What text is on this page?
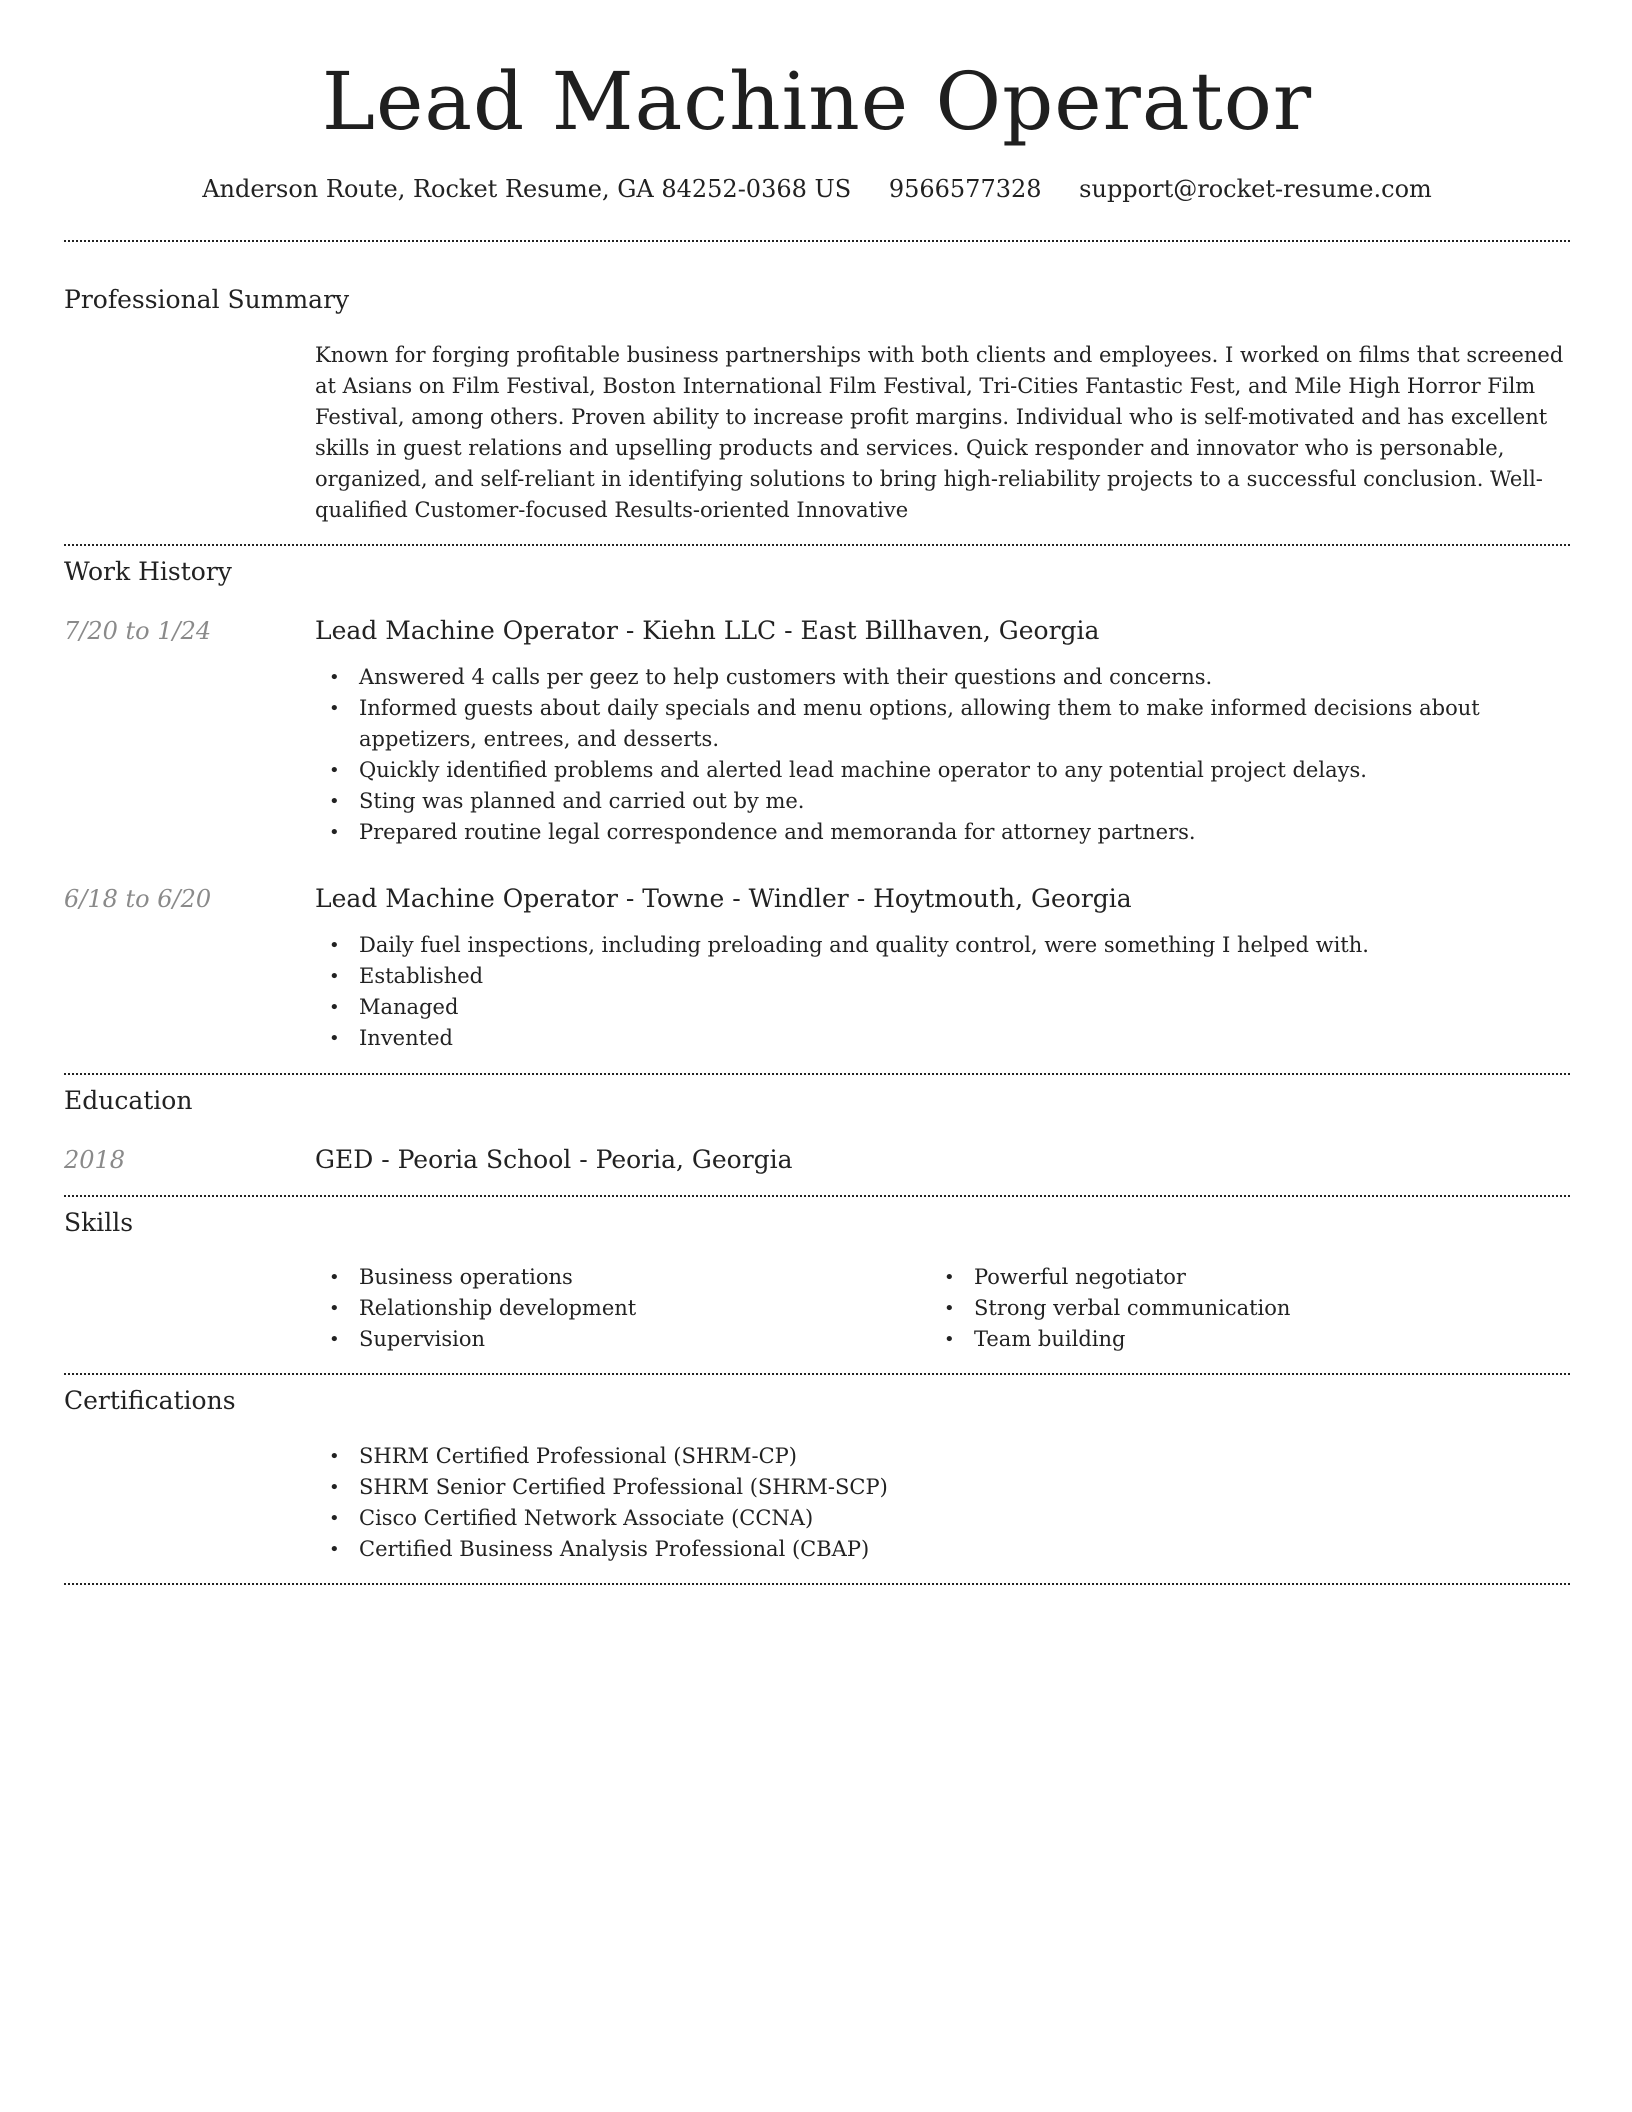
Lead Machine Operator
Anderson Route, Rocket Resume, GA 84252-0368 US 9566577328 support@rocket-resume.com
Professional Summary
Known for forging profitable business partnerships with both clients and employees. I worked on films that screened at Asians on Film Festival, Boston International Film Festival, Tri-Cities Fantastic Fest, and Mile High Horror Film Festival, among others. Proven ability to increase profit margins. Individual who is self-motivated and has excellent skills in guest relations and upselling products and services. Quick responder and innovator who is personable, organized, and self-reliant in identifying solutions to bring high-reliability projects to a successful conclusion. Well-qualified Customer-focused Results-oriented Innovative
Work History
7/20 to 1/24	Lead Machine Operator - Kiehn LLC - East Billhaven, Georgia
• Answered 4 calls per geez to help customers with their questions and concerns.
• Informed guests about daily specials and menu options, allowing them to make informed decisions about appetizers, entrees, and desserts.
• Quickly identified problems and alerted lead machine operator to any potential project delays.
• Sting was planned and carried out by me.
• Prepared routine legal correspondence and memoranda for attorney partners.
6/18 to 6/20	Lead Machine Operator - Towne - Windler - Hoytmouth, Georgia
• Daily fuel inspections, including preloading and quality control, were something I helped with.
• Established
• Managed
• Invented
Education
2018	GED - Peoria School - Peoria, Georgia
Skills
• Business operations
• Relationship development
• Supervision
• Powerful negotiator
• Strong verbal communication
• Team building
Certifications
• SHRM Certified Professional (SHRM-CP)
• SHRM Senior Certified Professional (SHRM-SCP)
• Cisco Certified Network Associate (CCNA)
• Certified Business Analysis Professional (CBAP)
